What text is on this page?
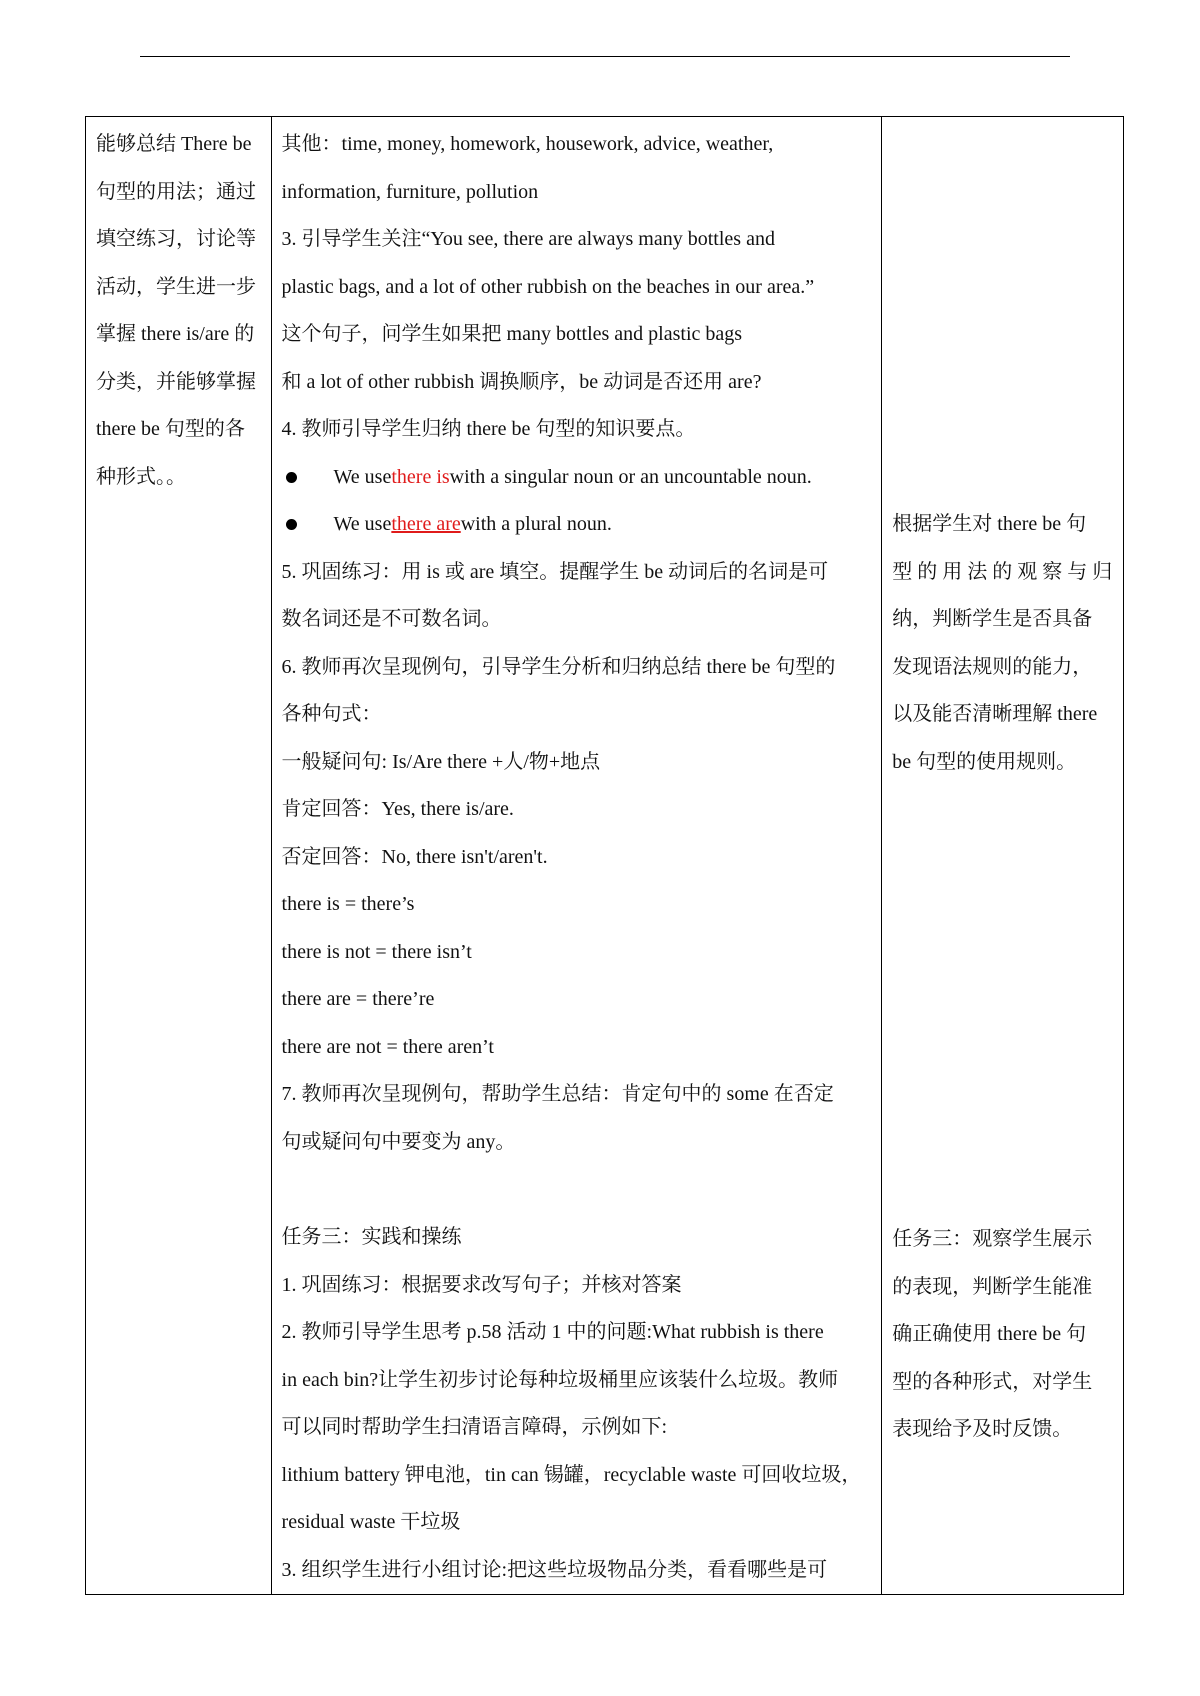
能够总结 There be
句型的用法；通过
填空练习，讨论等
活动，学生进一步
掌握 there is/are 的
分类，并能够掌握
there be 句型的各
种形式。。

其他：time, money, homework, housework, advice, weather,
information, furniture, pollution
3. 引导学生关注“You see, there are always many bottles and
plastic bags, and a lot of other rubbish on the beaches in our area.”
这个句子，问学生如果把 many bottles and plastic bags
和 a lot of other rubbish 调换顺序，be 动词是否还用 are?
4. 教师引导学生归纳 there be 句型的知识要点。
We use there is with a singular noun or an uncountable noun.
We use there are with a plural noun.
5. 巩固练习：用 is 或 are 填空。提醒学生 be 动词后的名词是可
数名词还是不可数名词。
6. 教师再次呈现例句，引导学生分析和归纳总结 there be 句型的
各种句式：
一般疑问句: Is/Are there +人/物+地点
肯定回答：Yes, there is/are.
否定回答：No, there isn't/aren't.
there is = there’s
there is not = there isn’t
there are = there’re
there are not = there aren’t
7. 教师再次呈现例句，帮助学生总结：肯定句中的 some 在否定
句或疑问句中要变为 any。
任务三：实践和操练
1. 巩固练习：根据要求改写句子；并核对答案
2. 教师引导学生思考 p.58 活动 1 中的问题:What rubbish is there
in each bin?让学生初步讨论每种垃圾桶里应该装什么垃圾。教师
可以同时帮助学生扫清语言障碍，示例如下:
lithium battery 钾电池，tin can 锡罐，recyclable waste 可回收垃圾，
residual waste 干垃圾
3. 组织学生进行小组讨论:把这些垃圾物品分类，看看哪些是可

根据学生对 there be 句
型 的 用 法 的 观 察 与 归
纳，判断学生是否具备
发现语法规则的能力，
以及能否清晰理解 there
be 句型的使用规则。
任务三：观察学生展示
的表现，判断学生能准
确正确使用 there be 句
型的各种形式，对学生
表现给予及时反馈。
